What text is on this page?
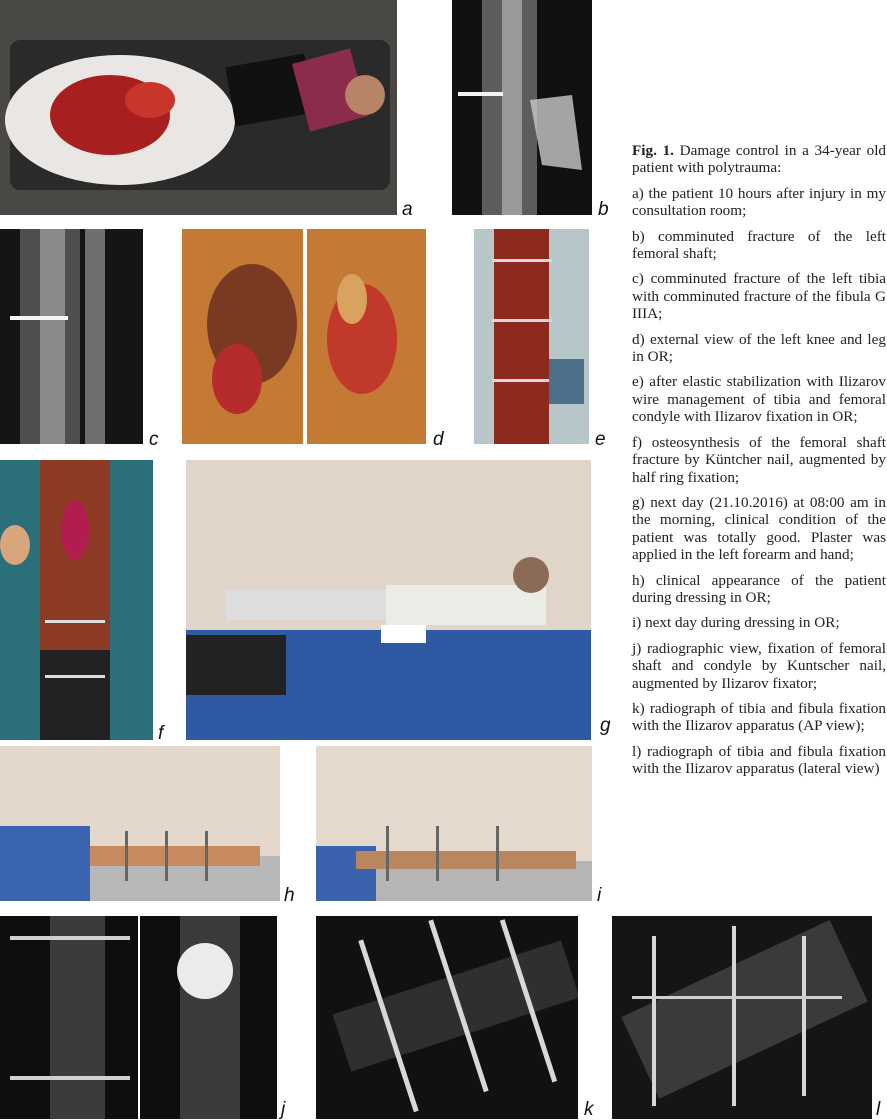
a	b
c	d	e
f	g
h	i
j	k	l

Fig. 1. Damage control in a 34-year old patient with polytrauma:

a) the patient 10 hours after injury in my consultation room;

b) comminuted fracture of the left femoral shaft;

c) comminuted fracture of the left tibia with comminuted fracture of the fibula G IIIA;

d) external view of the left knee and leg in OR;

e) after elastic stabilization with Ilizarov wire management of tibia and femoral condyle with Ilizarov fixation in OR;

f) osteosynthesis of the femoral shaft fracture by Küntcher nail, augmented by half ring fixation;

g) next day (21.10.2016) at 08:00 am in the morning, clinical condition of the patient was totally good. Plaster was applied in the left forearm and hand;

h) clinical appearance of the patient during dressing in OR;

i) next day during dressing in OR;

j) radiographic view, fixation of femoral shaft and condyle by Kuntscher nail, augmented by Ilizarov fixator;

k) radiograph of tibia and fibula fixation with the Ilizarov apparatus (AP view);

l) radiograph of tibia and fibula fixation with the Ilizarov apparatus (lateral view)
